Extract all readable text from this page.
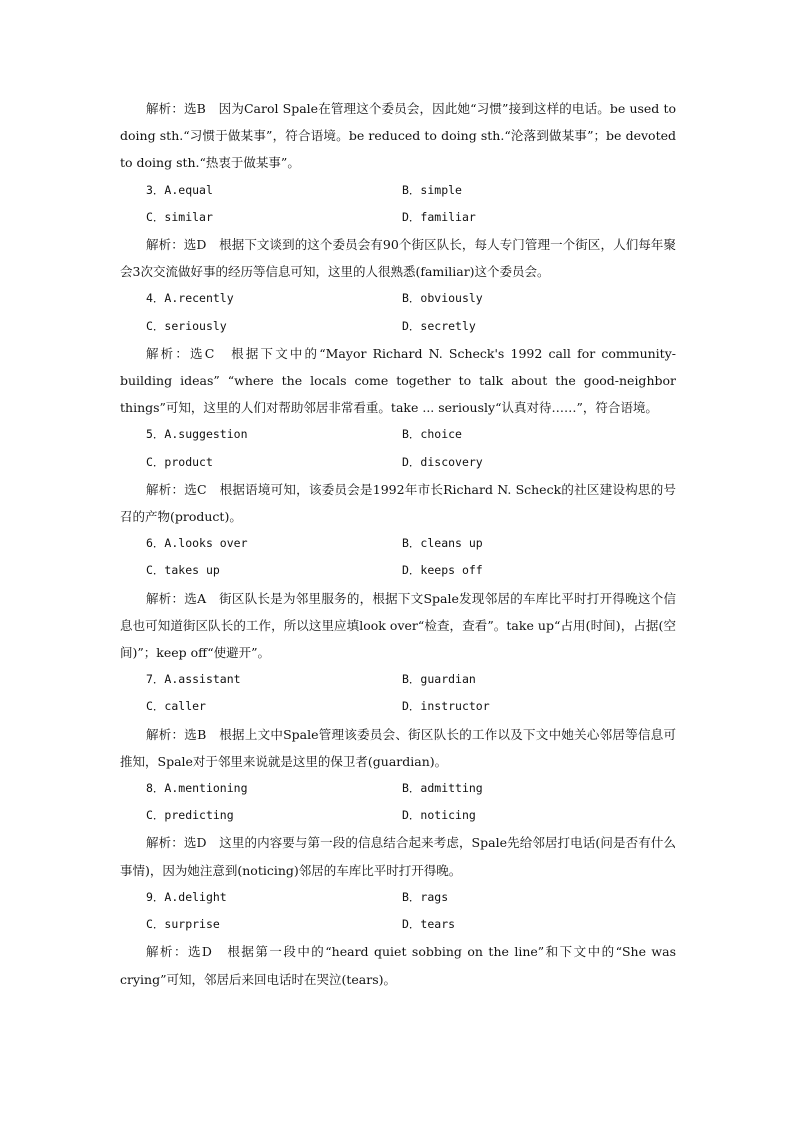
解析：选B　因为Carol Spale在管理这个委员会，因此她“习惯”接到这样的电话。be used to doing sth.“习惯于做某事”，符合语境。be reduced to doing sth.“沦落到做某事”；be devoted to doing sth.“热衷于做某事”。

3．A.equal	B．simple
C．similar	D．familiar

解析：选D　根据下文谈到的这个委员会有90个街区队长，每人专门管理一个街区，人们每年聚会3次交流做好事的经历等信息可知，这里的人很熟悉(familiar)这个委员会。

4．A.recently	B．obviously
C．seriously	D．secretly

解析：选C　根据下文中的“Mayor Richard N. Scheck's 1992 call for community-building ideas” “where the locals come together to talk about the good-neighbor things”可知，这里的人们对帮助邻居非常看重。take ... seriously“认真对待……”，符合语境。

5．A.suggestion	B．choice
C．product	D．discovery

解析：选C　根据语境可知，该委员会是1992年市长Richard N. Scheck的社区建设构思的号召的产物(product)。

6．A.looks over	B．cleans up
C．takes up	D．keeps off

解析：选A　街区队长是为邻里服务的，根据下文Spale发现邻居的车库比平时打开得晚这个信息也可知道街区队长的工作，所以这里应填look over“检查，查看”。take up“占用(时间)，占据(空间)”；keep off“使避开”。

7．A.assistant	B．guardian
C．caller	D．instructor

解析：选B　根据上文中Spale管理该委员会、街区队长的工作以及下文中她关心邻居等信息可推知，Spale对于邻里来说就是这里的保卫者(guardian)。

8．A.mentioning	B．admitting
C．predicting	D．noticing

解析：选D　这里的内容要与第一段的信息结合起来考虑，Spale先给邻居打电话(问是否有什么事情)，因为她注意到(noticing)邻居的车库比平时打开得晚。

9．A.delight	B．rags
C．surprise	D．tears

解析：选D　根据第一段中的“heard quiet sobbing on the line”和下文中的“She was crying”可知，邻居后来回电话时在哭泣(tears)。
